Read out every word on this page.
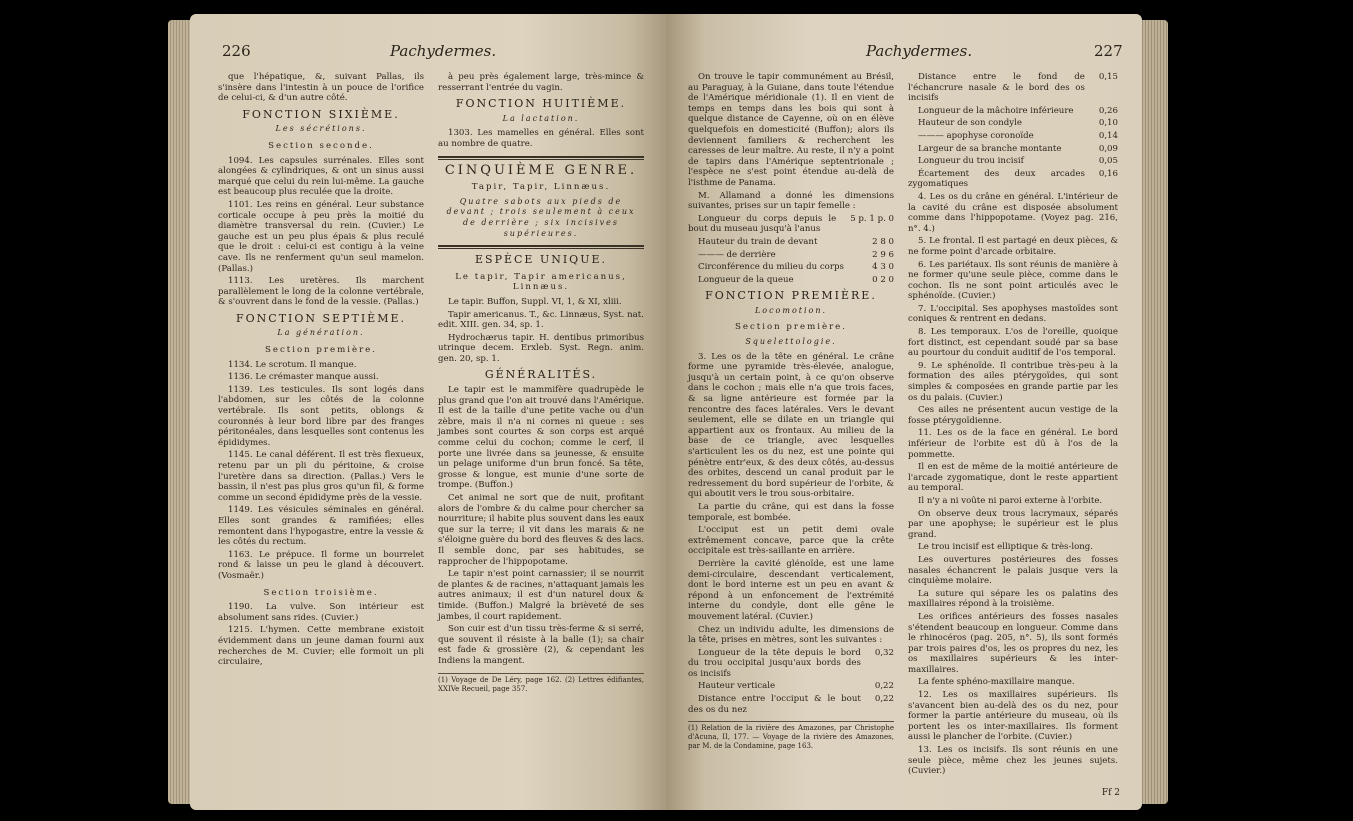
226	Pachydermes.

que l'hépatique, &, suivant Pallas, ils s'insère dans l'intestin à un pouce de l'orifice de celui-ci, & d'un autre côté.

FONCTION SIXIÈME.

Les sécrétions.

Section seconde.

1094. Les capsules surrénales. Elles sont alongées & cylindriques, & ont un sinus aussi marqué que celui du rein lui-même. La gauche est beaucoup plus reculée que la droite.

1101. Les reins en général. Leur substance corticale occupe à peu près la moitié du diamètre transversal du rein. (Cuvier.) Le gauche est un peu plus épais & plus reculé que le droit : celui-ci est contigu à la veine cave. Ils ne renferment qu'un seul mamelon. (Pallas.)

1113. Les uretères. Ils marchent parallèlement le long de la colonne vertébrale, & s'ouvrent dans le fond de la vessie. (Pallas.)

FONCTION SEPTIÈME.

La génération.

Section première.

1134. Le scrotum. Il manque.

1136. Le crémaster manque aussi.

1139. Les testicules. Ils sont logés dans l'abdomen, sur les côtés de la colonne vertébrale. Ils sont petits, oblongs & couronnés à leur bord libre par des franges péritonéales, dans lesquelles sont contenus les épididymes.

1145. Le canal déférent. Il est très flexueux, retenu par un pli du péritoine, & croise l'uretère dans sa direction. (Pallas.) Vers le bassin, il n'est pas plus gros qu'un fil, & forme comme un second épididyme près de la vessie.

1149. Les vésicules séminales en général. Elles sont grandes & ramifiées; elles remontent dans l'hypogastre, entre la vessie & les côtés du rectum.

1163. Le prépuce. Il forme un bourrelet rond & laisse un peu le gland à découvert. (Vosmaër.)

Section troisième.

1190. La vulve. Son intérieur est absolument sans rides. (Cuvier.)

1215. L'hymen. Cette membrane existoit évidemment dans un jeune daman fourni aux recherches de M. Cuvier; elle formoit un pli circulaire,

à peu près également large, très-mince & resserrant l'entrée du vagin.

FONCTION HUITIÈME.

La lactation.

1303. Les mamelles en général. Elles sont au nombre de quatre.

CINQUIÈME GENRE.

Tapir, Tapir, Linnæus.

Quatre sabots aux pieds de devant ; trois seulement à ceux de derrière ; six incisives supérieures.

ESPÈCE UNIQUE.

Le tapir, Tapir americanus, Linnæus.

Le tapir. Buffon, Suppl. VI, 1, & XI, xliii.

Tapir americanus. T., &c. Linnæus, Syst. nat. edit. XIII. gen. 34, sp. 1.

Hydrochærus tapir. H. dentibus primoribus utrinque decem. Erxleb. Syst. Regn. anim. gen. 20, sp. 1.

GÉNÉRALITÉS.

Le tapir est le mammifère quadrupède le plus grand que l'on ait trouvé dans l'Amérique. Il est de la taille d'une petite vache ou d'un zèbre, mais il n'a ni cornes ni queue : ses jambes sont courtes & son corps est arqué comme celui du cochon; comme le cerf, il porte une livrée dans sa jeunesse, & ensuite un pelage uniforme d'un brun foncé. Sa tête, grosse & longue, est munie d'une sorte de trompe. (Buffon.)

Cet animal ne sort que de nuit, profitant alors de l'ombre & du calme pour chercher sa nourriture; il habite plus souvent dans les eaux que sur la terre; il vit dans les marais & ne s'éloigne guère du bord des fleuves & des lacs. Il semble donc, par ses habitudes, se rapprocher de l'hippopotame.

Le tapir n'est point carnassier; il se nourrit de plantes & de racines, n'attaquant jamais les autres animaux; il est d'un naturel doux & timide. (Buffon.) Malgré la brièveté de ses jambes, il court rapidement.

Son cuir est d'un tissu très-ferme & si serré, que souvent il résiste à la balle (1); sa chair est fade & grossière (2), & cependant les Indiens la mangent.

(1) Voyage de De Léry, page 162. (2) Lettres édifiantes, XXIVe Recueil, page 357.
Pachydermes.	227

On trouve le tapir communément au Brésil, au Paraguay, à la Guiane, dans toute l'étendue de l'Amérique méridionale (1). Il en vient de temps en temps dans les bois qui sont à quelque distance de Cayenne, où on en élève quelquefois en domesticité (Buffon); alors ils deviennent familiers & recherchent les caresses de leur maître. Au reste, il n'y a point de tapirs dans l'Amérique septentrionale ; l'espèce ne s'est point étendue au-delà de l'isthme de Panama.

M. Allamand a donné les dimensions suivantes, prises sur un tapir femelle :

Longueur du corps depuis le bout du museau jusqu'à l'anus
5 p. 1 p. 0

Hauteur du train de devant	2 8 0

——— de derrière	2 9 6

Circonférence du milieu du corps	4 3 0

Longueur de la queue	0 2 0

FONCTION PREMIÈRE.

Locomotion.

Section première.

Squelettologie.

3. Les os de la tête en général. Le crâne forme une pyramide très-élevée, analogue, jusqu'à un certain point, à ce qu'on observe dans le cochon ; mais elle n'a que trois faces, & sa ligne antérieure est formée par la rencontre des faces latérales. Vers le devant seulement, elle se dilate en un triangle qui appartient aux os frontaux. Au milieu de la base de ce triangle, avec lesquelles s'articulent les os du nez, est une pointe qui pénètre entr'eux, & des deux côtés, au-dessus des orbites, descend un canal produit par le redressement du bord supérieur de l'orbite, & qui aboutit vers le trou sous-orbitaire.

La partie du crâne, qui est dans la fosse temporale, est bombée.

L'occiput est un petit demi ovale extrêmement concave, parce que la crête occipitale est très-saillante en arrière.

Derrière la cavité glénoïde, est une lame demi-circulaire, descendant verticalement, dont le bord interne est un peu en avant & répond à un enfoncement de l'extrémité interne du condyle, dont elle gêne le mouvement latéral. (Cuvier.)

Chez un individu adulte, les dimensions de la tête, prises en mètres, sont les suivantes :

Longueur de la tête depuis le bord du trou occipital jusqu'aux bords des os incisifs
0,32

Hauteur verticale	0,22

Distance entre l'occiput & le bout des os du nez
0,22

(1) Relation de la rivière des Amazones, par Christophe d'Acuna, II, 177. — Voyage de la rivière des Amazones, par M. de la Condamine, page 163.

Distance entre le fond de l'échancrure nasale & le bord des os incisifs
0,15

Longueur de la mâchoire inférieure	0,26

Hauteur de son condyle	0,10

——— apophyse coronoïde	0,14

Largeur de sa branche montante	0,09

Longueur du trou incisif	0,05

Écartement des deux arcades zygomatiques
0,16

4. Les os du crâne en général. L'intérieur de la cavité du crâne est disposée absolument comme dans l'hippopotame. (Voyez pag. 216, n°. 4.)

5. Le frontal. Il est partagé en deux pièces, & ne forme point d'arcade orbitaire.

6. Les pariétaux. Ils sont réunis de manière à ne former qu'une seule pièce, comme dans le cochon. Ils ne sont point articulés avec le sphénoïde. (Cuvier.)

7. L'occipital. Ses apophyses mastoïdes sont coniques & rentrent en dedans.

8. Les temporaux. L'os de l'oreille, quoique fort distinct, est cependant soudé par sa base au pourtour du conduit auditif de l'os temporal.

9. Le sphénoïde. Il contribue très-peu à la formation des ailes ptérygoïdes, qui sont simples & composées en grande partie par les os du palais. (Cuvier.)

Ces ailes ne présentent aucun vestige de la fosse ptérygoïdienne.

11. Les os de la face en général. Le bord inférieur de l'orbite est dû à l'os de la pommette.

Il en est de même de la moitié antérieure de l'arcade zygomatique, dont le reste appartient au temporal.

Il n'y a ni voûte ni paroi externe à l'orbite.

On observe deux trous lacrymaux, séparés par une apophyse; le supérieur est le plus grand.

Le trou incisif est elliptique & très-long.

Les ouvertures postérieures des fosses nasales échancrent le palais jusque vers la cinquième molaire.

La suture qui sépare les os palatins des maxillaires répond à la troisième.

Les orifices antérieurs des fosses nasales s'étendent beaucoup en longueur. Comme dans le rhinocéros (pag. 205, n°. 5), ils sont formés par trois paires d'os, les os propres du nez, les os maxillaires supérieurs & les inter-maxillaires.

La fente sphéno-maxillaire manque.

12. Les os maxillaires supérieurs. Ils s'avancent bien au-delà des os du nez, pour former la partie antérieure du museau, où ils portent les os inter-maxillaires. Ils forment aussi le plancher de l'orbite. (Cuvier.)

13. Les os incisifs. Ils sont réunis en une seule pièce, même chez les jeunes sujets. (Cuvier.)

Ff 2
